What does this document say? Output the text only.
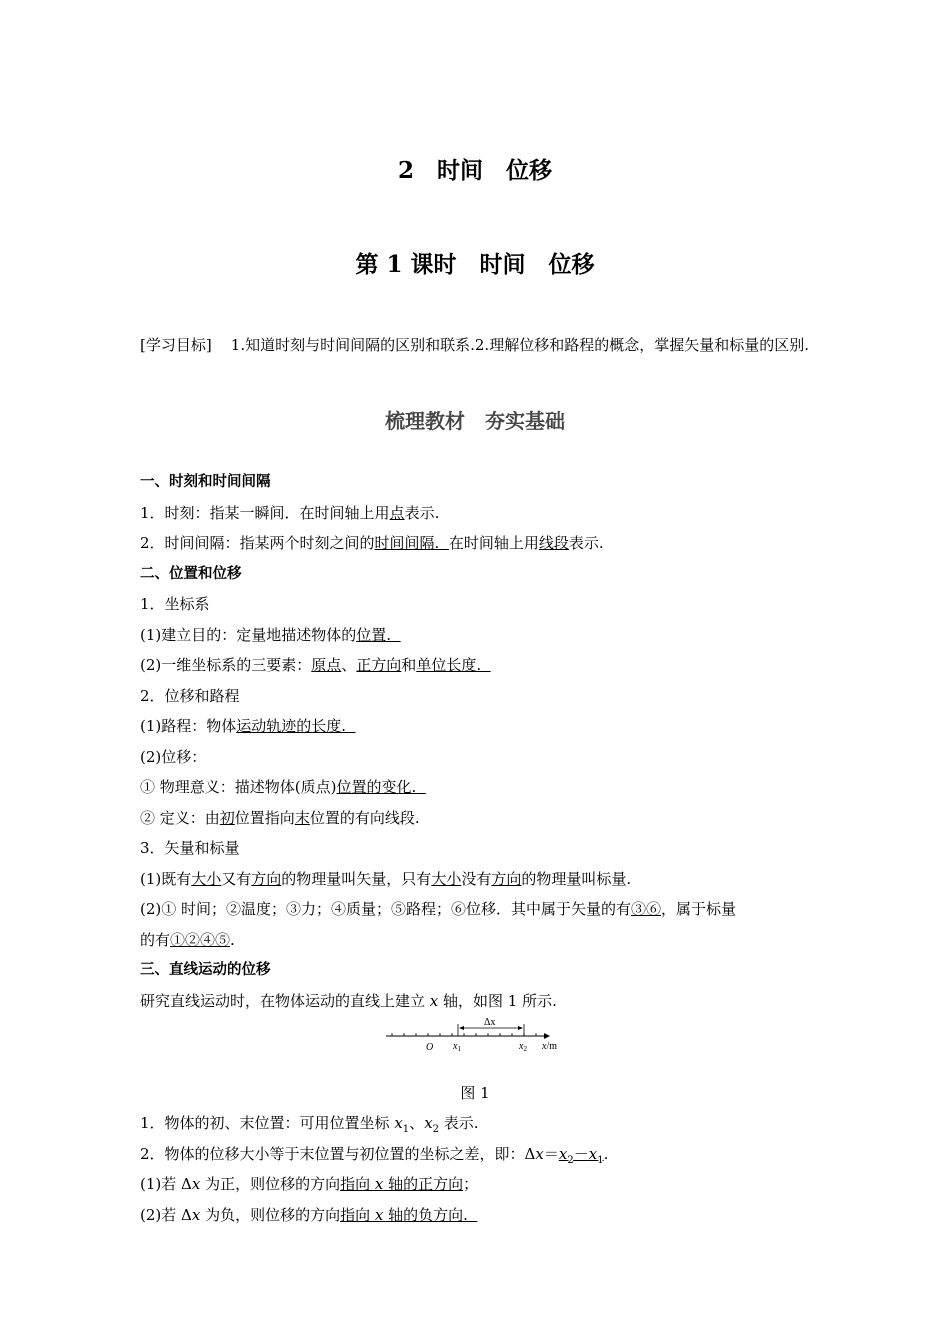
2　时间　位移
第 1 课时　时间　位移
[学习目标] 1.知道时刻与时间间隔的区别和联系.2.理解位移和路程的概念，掌握矢量和标量的区别.
梳理教材　夯实基础
一、时刻和时间间隔
1．时刻：指某一瞬间．在时间轴上用点表示.
2．时间间隔：指某两个时刻之间的时间间隔. 在时间轴上用线段表示.
二、位置和位移
1．坐标系
(1)建立目的：定量地描述物体的位置.
(2)一维坐标系的三要素：原点、正方向和单位长度.
2．位移和路程
(1)路程：物体运动轨迹的长度.
(2)位移：
① 物理意义：描述物体(质点)位置的变化.
② 定义：由初位置指向末位置的有向线段.
3．矢量和标量
(1)既有大小又有方向的物理量叫矢量，只有大小没有方向的物理量叫标量.
(2)① 时间；②温度；③力；④质量；⑤路程；⑥位移．其中属于矢量的有③⑥，属于标量
的有①②④⑤.
三、直线运动的位移
研究直线运动时，在物体运动的直线上建立 x 轴，如图 1 所示.
Δx
O $x_1$	$x_2$ x/m
图 1
1．物体的初、末位置：可用位置坐标 $x_1$、$x_2$ 表示.
2．物体的位移大小等于末位置与初位置的坐标之差，即：$\Delta x=x_2-x_1$.
(1)若 Δx 为正，则位移的方向指向 x 轴的正方向；
(2)若 Δx 为负，则位移的方向指向 x 轴的负方向.
